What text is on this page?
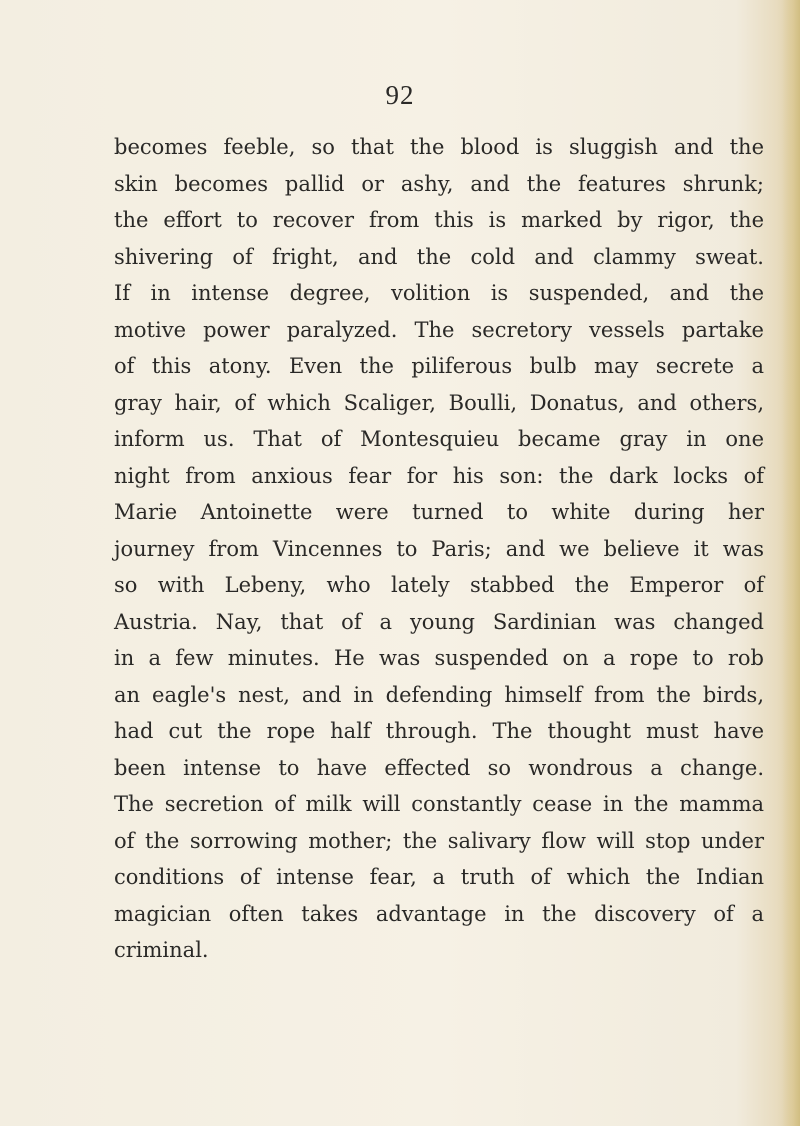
92
becomes feeble, so that the blood is sluggish and the
skin becomes pallid or ashy, and the features shrunk;
the effort to recover from this is marked by rigor, the
shivering of fright, and the cold and clammy sweat.
If in intense degree, volition is suspended, and the
motive power paralyzed. The secretory vessels partake
of this atony. Even the piliferous bulb may secrete a
gray hair, of which Scaliger, Boulli, Donatus, and others,
inform us. That of Montesquieu became gray in one
night from anxious fear for his son: the dark locks of
Marie Antoinette were turned to white during her
journey from Vincennes to Paris; and we believe it was
so with Lebeny, who lately stabbed the Emperor of
Austria. Nay, that of a young Sardinian was changed
in a few minutes. He was suspended on a rope to rob
an eagle's nest, and in defending himself from the birds,
had cut the rope half through. The thought must have
been intense to have effected so wondrous a change.
The secretion of milk will constantly cease in the mamma
of the sorrowing mother; the salivary flow will stop under
conditions of intense fear, a truth of which the Indian
magician often takes advantage in the discovery of a
criminal.
